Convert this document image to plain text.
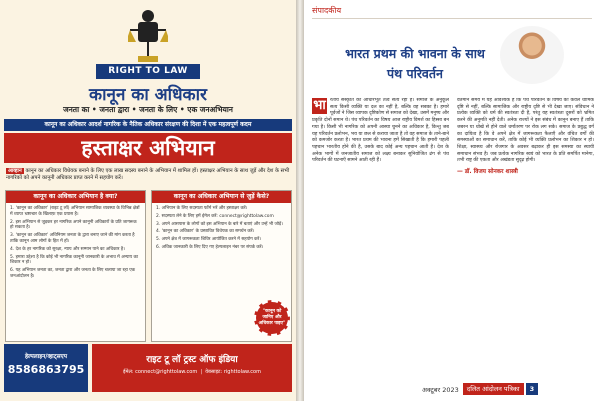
RIGHT TO LAW
कानून का अधिकार
जनता का • जनता द्वारा • जनता के लिए • एक जनअभियान
कानून का अधिकार आदर्श नागरिक के नैतिक अधिकार संरक्षण की दिशा में एक महत्वपूर्ण कदम
हस्ताक्षर अभियान
आव्हान कानून का अधिकार विधेयक बनाने के लिए एक लाख सदस्य बनाने के अभियान में शामिल हों। हस्ताक्षर अभियान के साथ जुड़ें और देश के सभी नागरिकों को अपने कानूनी अधिकार प्राप्त करने में सहयोग करें।
कानून का अधिकार अभियान है क्या?
1. 'कानून का अधिकार' (राइट टू लॉ) अभियान सामाजिक व्यवस्था के विभिन्न क्षेत्रों में व्याप्त भ्रष्टाचार के खिलाफ़ एक प्रयास है।
2. इस अभियान से जुड़कर हर नागरिक अपने कानूनी अधिकारों के प्रति जागरूक हो सकता है।
3. 'कानून का अधिकार' अधिनियम जनता के द्वारा बनाए जाने की मांग करता है ताकि कानून आम लोगों के हित में हों।
4. देश के हर नागरिक को सुरक्षा, न्याय और सम्मान पाने का अधिकार है।
5. हमारा उद्देश्य है कि कोई भी नागरिक कानूनी जानकारी के अभाव में अन्याय का शिकार न हो।
6. यह अभियान जनता का, जनता द्वारा और जनता के लिए चलाया जा रहा एक जनआंदोलन है।
कानून का अधिकार अभियान से जुड़ें कैसे?
1. अभियान के लिए सदस्यता फॉर्म भरें और हस्ताक्षर करें।
2. सदस्यता लेने के लिए हमें ईमेल करें: connect@righttolaw.com
3. अपने आसपास के लोगों को इस अभियान के बारे में बताएं और उन्हें भी जोड़ें।
4. 'कानून का अधिकार' के प्रस्तावित विधेयक का समर्थन करें।
5. अपने क्षेत्र में जागरूकता शिविर आयोजित करने में सहयोग करें।
6. अधिक जानकारी के लिए दिए गए हेल्पलाइन नंबर पर संपर्क करें।
"कानून को जानिए और अधिकार पाइए"
हेल्पलाइन/व्हाट्सएप
8586863795
राइट टू लॉ ट्रस्ट ऑफ इंडिया
ईमेल: connect@righttolaw.com  |  वेबसाइट: righttolaw.com
संपादकीय
भारत प्रथम की भावना के साथ पंथ परिवर्तन
भा रतीय संस्कृति का आधारभूत तत्व सत्य रहा है। समाज के अनुकूल सत्य किसी व्यक्ति या दल का नहीं है, बल्कि वह सबका है। हमारे पूर्वजों ने जिस व्यापक दृष्टिकोण से समाज को देखा, उसमें मनुष्य और प्रकृति दोनों समान थे। पंथ परिवर्तन का विषय आज राष्ट्रीय विमर्श का हिस्सा बन गया है। किसी भी नागरिक को अपनी आस्था चुनने का अधिकार है, किन्तु जब यह परिवर्तन प्रलोभन, भय या छल से कराया जाता है तो वह समाज के ताने-बाने को कमजोर करता है। भारत प्रथम की भावना हमें सिखाती है कि हमारी पहली पहचान भारतीय होने की है, उसके बाद कोई अन्य पहचान आती है। देश के अनेक भागों में जनजातीय समाज को लक्ष्य बनाकर सुनियोजित ढंग से पंथ परिवर्तन की घटनाएँ सामने आती रही हैं।
वर्तमान समय में यह आवश्यक है कि पंथ परिवर्तन के विषय को केवल धार्मिक दृष्टि से नहीं, बल्कि सामाजिक और राष्ट्रीय दृष्टि से भी देखा जाए। संविधान ने प्रत्येक व्यक्ति को धर्म की स्वतंत्रता दी है, परंतु यह स्वतंत्रता दूसरों को भ्रमित करने की अनुमति नहीं देती। अनेक राज्यों ने इस संबंध में कानून बनाए हैं ताकि जबरन या धोखे से होने वाले धर्मांतरण पर रोक लग सके। समाज के प्रबुद्ध वर्ग का दायित्व है कि वे अपने क्षेत्र में जागरूकता फैलाएँ और वंचित वर्गों की समस्याओं का समाधान करें, ताकि कोई भी व्यक्ति प्रलोभन का शिकार न हो। शिक्षा, स्वास्थ्य और रोजगार के अवसर बढ़ाकर ही इस समस्या का स्थायी समाधान संभव है। जब प्रत्येक नागरिक स्वयं को भारत के प्रति समर्पित मानेगा, तभी राष्ट्र की एकता और अखंडता सुदृढ़ होगी।
— डॉ. विजय सोनकर शास्त्री
अक्टूबर 2023	दलित आंदोलन पत्रिका	3
